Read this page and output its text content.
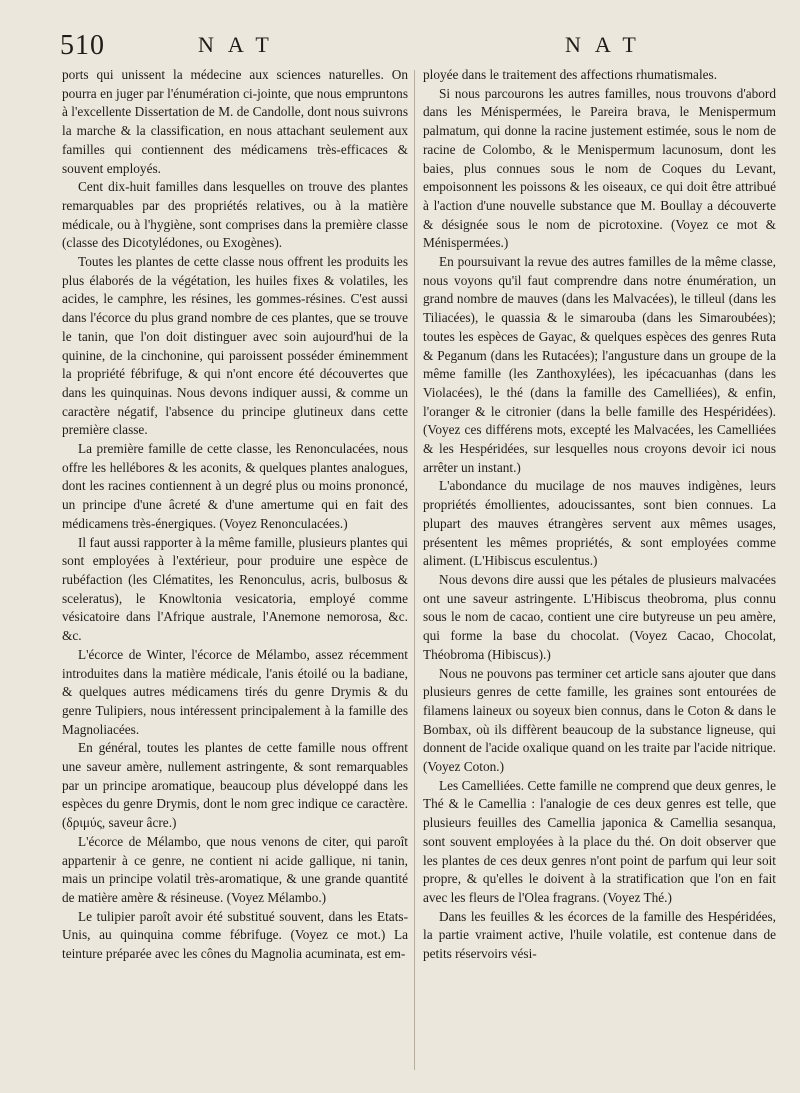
510	NAT	NAT

ports qui unissent la médecine aux sciences naturelles. On pourra en juger par l'énumération ci-jointe, que nous empruntons à l'excellente Dissertation de M. de Candolle, dont nous suivrons la marche & la classification, en nous attachant seulement aux familles qui contiennent des médicamens très-efficaces & souvent employés.

Cent dix-huit familles dans lesquelles on trouve des plantes remarquables par des propriétés relatives, ou à la matière médicale, ou à l'hygiène, sont comprises dans la première classe (classe des Dicotylédones, ou Exogènes).

Toutes les plantes de cette classe nous offrent les produits les plus élaborés de la végétation, les huiles fixes & volatiles, les acides, le camphre, les résines, les gommes-résines. C'est aussi dans l'écorce du plus grand nombre de ces plantes, que se trouve le tanin, que l'on doit distinguer avec soin aujourd'hui de la quinine, de la cinchonine, qui paroissent posséder éminemment la propriété fébrifuge, & qui n'ont encore été découvertes que dans les quinquinas. Nous devons indiquer aussi, & comme un caractère négatif, l'absence du principe glutineux dans cette première classe.

La première famille de cette classe, les Renonculacées, nous offre les hellébores & les aconits, & quelques plantes analogues, dont les racines contiennent à un degré plus ou moins prononcé, un principe d'une âcreté & d'une amertume qui en fait des médicamens très-énergiques. (Voyez Renonculacées.)

Il faut aussi rapporter à la même famille, plusieurs plantes qui sont employées à l'extérieur, pour produire une espèce de rubéfaction (les Clématites, les Renonculus, acris, bulbosus & sceleratus), le Knowltonia vesicatoria, employé comme vésicatoire dans l'Afrique australe, l'Anemone nemorosa, &c. &c.

L'écorce de Winter, l'écorce de Mélambo, assez récemment introduites dans la matière médicale, l'anis étoilé ou la badiane, & quelques autres médicamens tirés du genre Drymis & du genre Tulipiers, nous intéressent principalement à la famille des Magnoliacées.

En général, toutes les plantes de cette famille nous offrent une saveur amère, nullement astringente, & sont remarquables par un principe aromatique, beaucoup plus développé dans les espèces du genre Drymis, dont le nom grec indique ce caractère. (δριμύς, saveur âcre.)

L'écorce de Mélambo, que nous venons de citer, qui paroît appartenir à ce genre, ne contient ni acide gallique, ni tanin, mais un principe volatil très-aromatique, & une grande quantité de matière amère & résineuse. (Voyez Mélambo.)

Le tulipier paroît avoir été substitué souvent, dans les Etats-Unis, au quinquina comme fébrifuge. (Voyez ce mot.) La teinture préparée avec les cônes du Magnolia acuminata, est em-

ployée dans le traitement des affections rhumatismales.

Si nous parcourons les autres familles, nous trouvons d'abord dans les Ménispermées, le Pareira brava, le Menispermum palmatum, qui donne la racine justement estimée, sous le nom de racine de Colombo, & le Menispermum lacunosum, dont les baies, plus connues sous le nom de Coques du Levant, empoisonnent les poissons & les oiseaux, ce qui doit être attribué à l'action d'une nouvelle substance que M. Boullay a découverte & désignée sous le nom de picrotoxine. (Voyez ce mot & Ménispermées.)

En poursuivant la revue des autres familles de la même classe, nous voyons qu'il faut comprendre dans notre énumération, un grand nombre de mauves (dans les Malvacées), le tilleul (dans les Tiliacées), le quassia & le simarouba (dans les Simaroubées); toutes les espèces de Gayac, & quelques espèces des genres Ruta & Peganum (dans les Rutacées); l'angusture dans un groupe de la même famille (les Zanthoxylées), les ipécacuanhas (dans les Violacées), le thé (dans la famille des Camelliées), & enfin, l'oranger & le citronier (dans la belle famille des Hespéridées). (Voyez ces différens mots, excepté les Malvacées, les Camelliées & les Hespéridées, sur lesquelles nous croyons devoir ici nous arrêter un instant.)

L'abondance du mucilage de nos mauves indigènes, leurs propriétés émollientes, adoucissantes, sont bien connues. La plupart des mauves étrangères servent aux mêmes usages, présentent les mêmes propriétés, & sont employées comme aliment. (L'Hibiscus esculentus.)

Nous devons dire aussi que les pétales de plusieurs malvacées ont une saveur astringente. L'Hibiscus theobroma, plus connu sous le nom de cacao, contient une cire butyreuse un peu amère, qui forme la base du chocolat. (Voyez Cacao, Chocolat, Théobroma (Hibiscus).)

Nous ne pouvons pas terminer cet article sans ajouter que dans plusieurs genres de cette famille, les graines sont entourées de filamens laineux ou soyeux bien connus, dans le Coton & dans le Bombax, où ils diffèrent beaucoup de la substance ligneuse, qui donnent de l'acide oxalique quand on les traite par l'acide nitrique. (Voyez Coton.)

Les Camelliées. Cette famille ne comprend que deux genres, le Thé & le Camellia : l'analogie de ces deux genres est telle, que plusieurs feuilles des Camellia japonica & Camellia sesanqua, sont souvent employées à la place du thé. On doit observer que les plantes de ces deux genres n'ont point de parfum qui leur soit propre, & qu'elles le doivent à la stratification que l'on en fait avec les fleurs de l'Olea fragrans. (Voyez Thé.)

Dans les feuilles & les écorces de la famille des Hespéridées, la partie vraiment active, l'huile volatile, est contenue dans de petits réservoirs vési-
